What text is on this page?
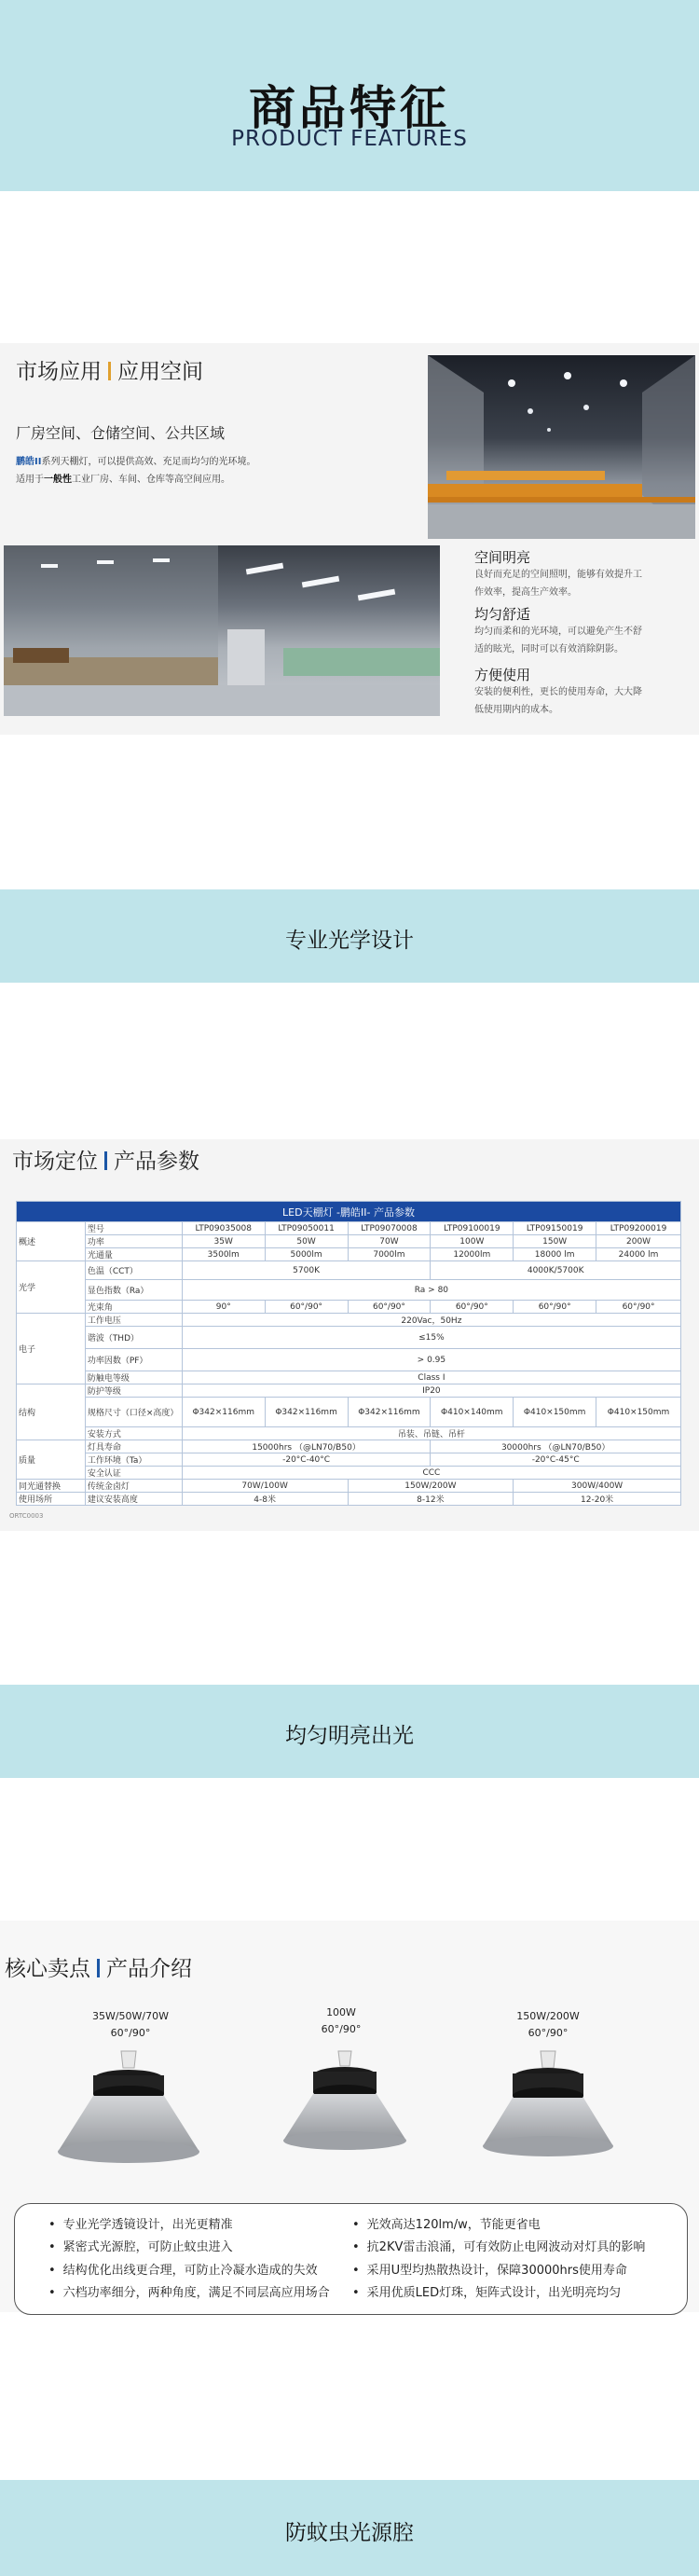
商品特征
PRODUCT FEATURES
市场应用 应用空间
厂房空间、仓储空间、公共区域
鹏皓II系列天棚灯，可以提供高效、充足而均匀的光环境。
适用于一般性工业厂房、车间、仓库等高空间应用。
空间明亮
良好而充足的空间照明，能够有效提升工
作效率，提高生产效率。
均匀舒适
均匀而柔和的光环境，可以避免产生不舒
适的眩光，同时可以有效消除阴影。
方便使用
安装的便利性，更长的使用寿命，大大降
低使用期内的成本。
专业光学设计
市场定位 产品参数
LED天棚灯 -鹏皓II- 产品参数							
概述	型号	LTP09035008	LTP09050011	LTP09070008	LTP09100019	LTP09150019	LTP09200019
	功率	35W	50W	70W	100W	150W	200W
	光通量	3500lm	5000lm	7000lm	12000lm	18000 lm	24000 lm
光学	色温（CCT）	5700K			4000K/5700K		
	显色指数（Ra）	Ra > 80					
	光束角	90°	60°/90°	60°/90°	60°/90°	60°/90°	60°/90°
电子	工作电压	220Vac，50Hz					
	谐波（THD）	≤15%					
	功率因数（PF）	> 0.95					
	防触电等级	Class I					
结构	防护等级	IP20					
	规格尺寸（口径×高度）	Φ342×116mm	Φ342×116mm	Φ342×116mm	Φ410×140mm	Φ410×150mm	Φ410×150mm
	安装方式	吊装、吊链、吊杆					
质量	灯具寿命	15000hrs （@LN70/B50）			30000hrs （@LN70/B50）		
	工作环境（Ta）	-20°C-40°C			-20°C-45°C		
	安全认证	CCC					
同光通替换	传统金卤灯	70W/100W		150W/200W		300W/400W	
使用场所	建议安装高度	4-8米		8-12米		12-20米	
ORTC0003
均匀明亮出光
核心卖点 产品介绍
35W/50W/70W
60°/90°
100W
60°/90°
150W/200W
60°/90°
• 专业光学透镜设计，出光更精准
• 紧密式光源腔，可防止蚊虫进入
• 结构优化出线更合理，可防止冷凝水造成的失效
• 六档功率细分，两种角度，满足不同层高应用场合
• 光效高达120lm/w，节能更省电
• 抗2KV雷击浪涌，可有效防止电网波动对灯具的影响
• 采用U型均热散热设计，保障30000hrs使用寿命
• 采用优质LED灯珠，矩阵式设计，出光明亮均匀
防蚊虫光源腔
